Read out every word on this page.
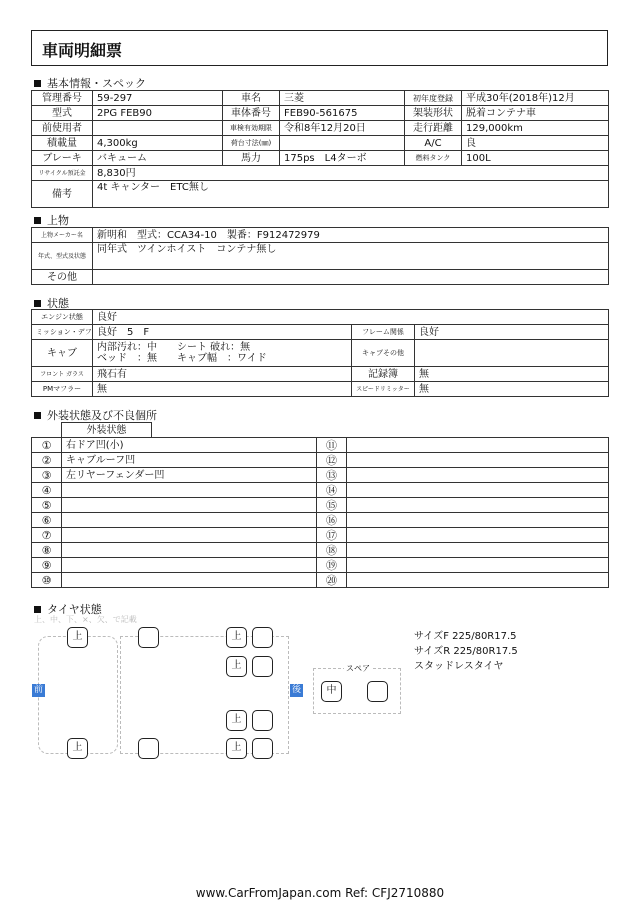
車両明細票
基本情報・スペック
管理番号	59-297	車名	三菱	初年度登録	平成30年(2018年)12月
型式	2PG FEB90	車体番号	FEB90-561675	架装形状	脱着コンテナ車
前使用者		車検有効期限	令和8年12月20日	走行距離	129,000km
積載量	4,300kg	荷台寸法(㎜)		A/C	良
ブレーキ	バキューム	馬力	175ps　L4ターボ	燃料タンク	100L
リサイクル預託金	8,830円				
備考	4t キャンター　ETC無し				
上物
上物メーカー名	新明和　型式：CCA34-10　製番：F912472979
年式、型式及状態	同年式　ツインホイスト　コンテナ無し
その他	
状態
エンジン状態	良好		
ミッション・デフ	良好　5　F	フレーム関係	良好
キャブ	内部汚れ：中　　シート 破れ：無
ベッド　：無　　キャブ幅　：ワイド	キャブその他	
フロント ガラス	飛石有	記録簿	無
PMマフラー	無	スピードリミッター	無
外装状態及び不良個所
	外装状態			
①	右ドア凹(小)		⑪	
②	キャブルーフ凹		⑫	
③	左リヤーフェンダー凹		⑬	
④			⑭	
⑤			⑮	
⑥			⑯	
⑦			⑰	
⑧			⑱	
⑨			⑲	
⑩			⑳	
タイヤ状態
上、中、下、×、欠、で記載
前	後
スペア
上
上
上
上
上
上
中
サイズF 225/80R17.5
サイズR 225/80R17.5
スタッドレスタイヤ
www.CarFromJapan.com Ref: CFJ2710880
